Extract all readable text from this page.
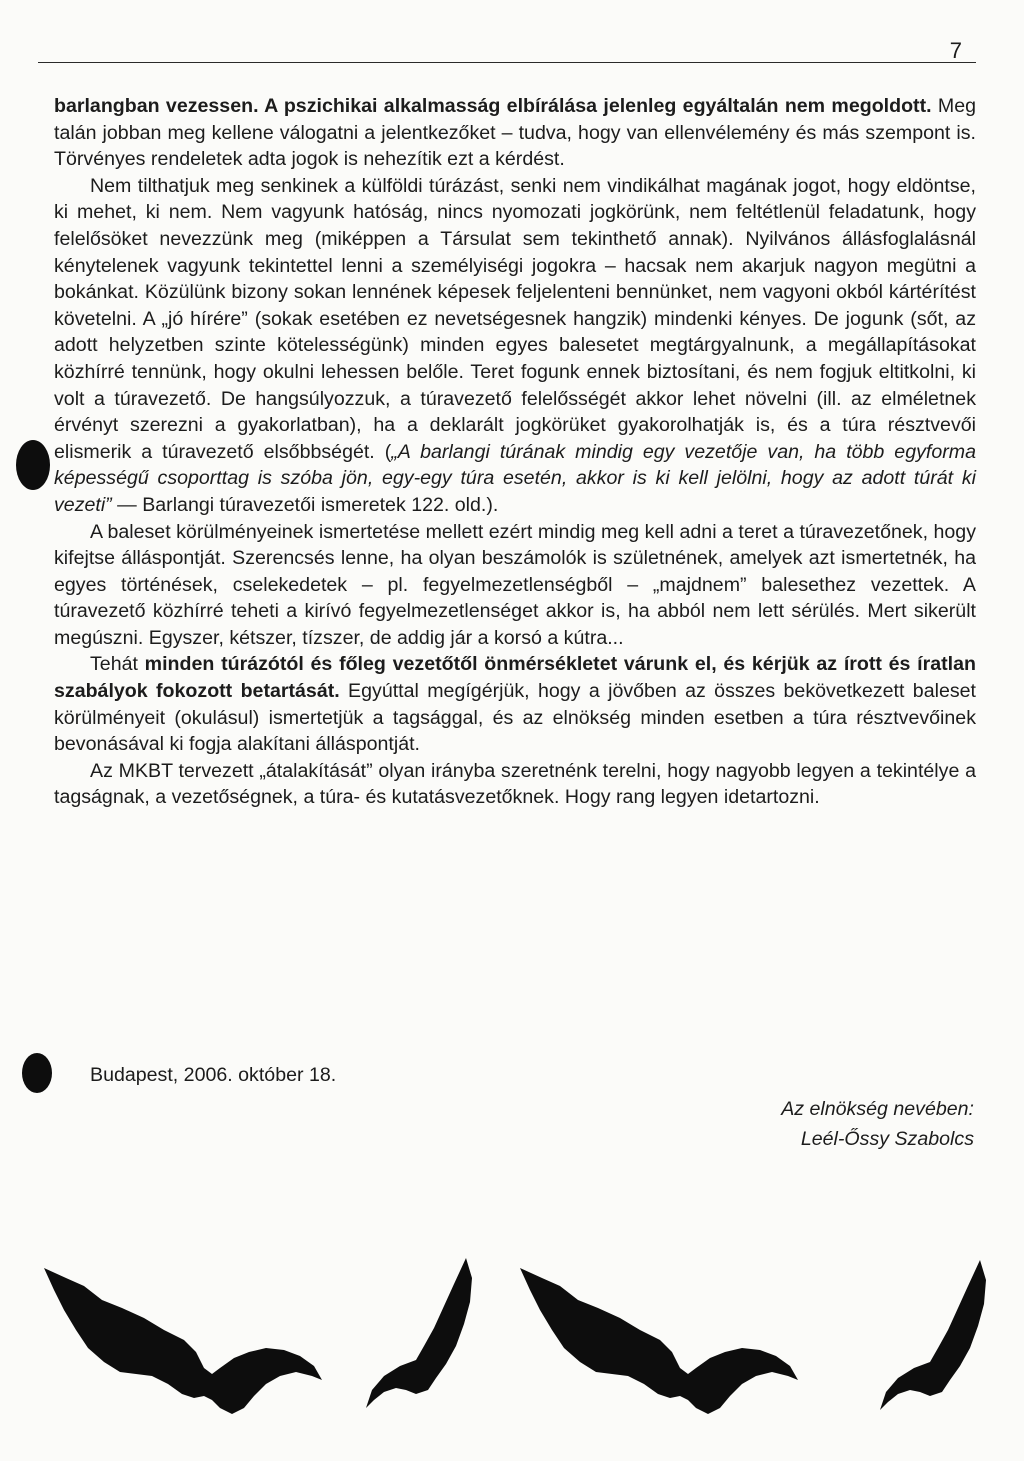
7

barlangban vezessen. A pszichikai alkalmasság elbírálása jelenleg egyáltalán nem megoldott. Meg talán jobban meg kellene válogatni a jelentkezőket – tudva, hogy van ellenvélemény és más szempont is. Törvényes rendeletek adta jogok is nehezítik ezt a kérdést.

Nem tilthatjuk meg senkinek a külföldi túrázást, senki nem vindikálhat magának jogot, hogy eldöntse, ki mehet, ki nem. Nem vagyunk hatóság, nincs nyomozati jogkörünk, nem feltétlenül feladatunk, hogy felelősöket nevezzünk meg (miképpen a Társulat sem tekinthető annak). Nyilvános állásfoglalásnál kénytelenek vagyunk tekintettel lenni a személyiségi jogokra – hacsak nem akarjuk nagyon megütni a bokánkat. Közülünk bizony sokan lennének képesek feljelenteni bennünket, nem vagyoni okból kártérítést követelni. A „jó hírére” (sokak esetében ez nevetségesnek hangzik) mindenki kényes. De jogunk (sőt, az adott helyzetben szinte kötelességünk) minden egyes balesetet megtárgyalnunk, a megállapításokat közhírré tennünk, hogy okulni lehessen belőle. Teret fogunk ennek biztosítani, és nem fogjuk eltitkolni, ki volt a túravezető. De hangsúlyozzuk, a túravezető felelősségét akkor lehet növelni (ill. az elméletnek érvényt szerezni a gyakorlatban), ha a deklarált jogkörüket gyakorolhatják is, és a túra résztvevői elismerik a túravezető elsőbbségét. („A barlangi túrának mindig egy vezetője van, ha több egyforma képességű csoporttag is szóba jön, egy-egy túra esetén, akkor is ki kell jelölni, hogy az adott túrát ki vezeti” — Barlangi túravezetői ismeretek 122. old.).

A baleset körülményeinek ismertetése mellett ezért mindig meg kell adni a teret a túravezetőnek, hogy kifejtse álláspontját. Szerencsés lenne, ha olyan beszámolók is születnének, amelyek azt ismertetnék, ha egyes történések, cselekedetek – pl. fegyelmezetlenségből – „majdnem” balesethez vezettek. A túravezető közhírré teheti a kirívó fegyelmezetlenséget akkor is, ha abból nem lett sérülés. Mert sikerült megúszni. Egyszer, kétszer, tízszer, de addig jár a korsó a kútra...

Tehát minden túrázótól és főleg vezetőtől önmérsékletet várunk el, és kérjük az írott és íratlan szabályok fokozott betartását. Egyúttal megígérjük, hogy a jövőben az összes bekövetkezett baleset körülményeit (okulásul) ismertetjük a tagsággal, és az elnökség minden esetben a túra résztvevőinek bevonásával ki fogja alakítani álláspontját.

Az MKBT tervezett „átalakítását” olyan irányba szeretnénk terelni, hogy nagyobb legyen a tekintélye a tagságnak, a vezetőségnek, a túra- és kutatásvezetőknek. Hogy rang legyen idetartozni.

Budapest, 2006. október 18.
Az elnökség nevében:
Leél-Őssy Szabolcs
